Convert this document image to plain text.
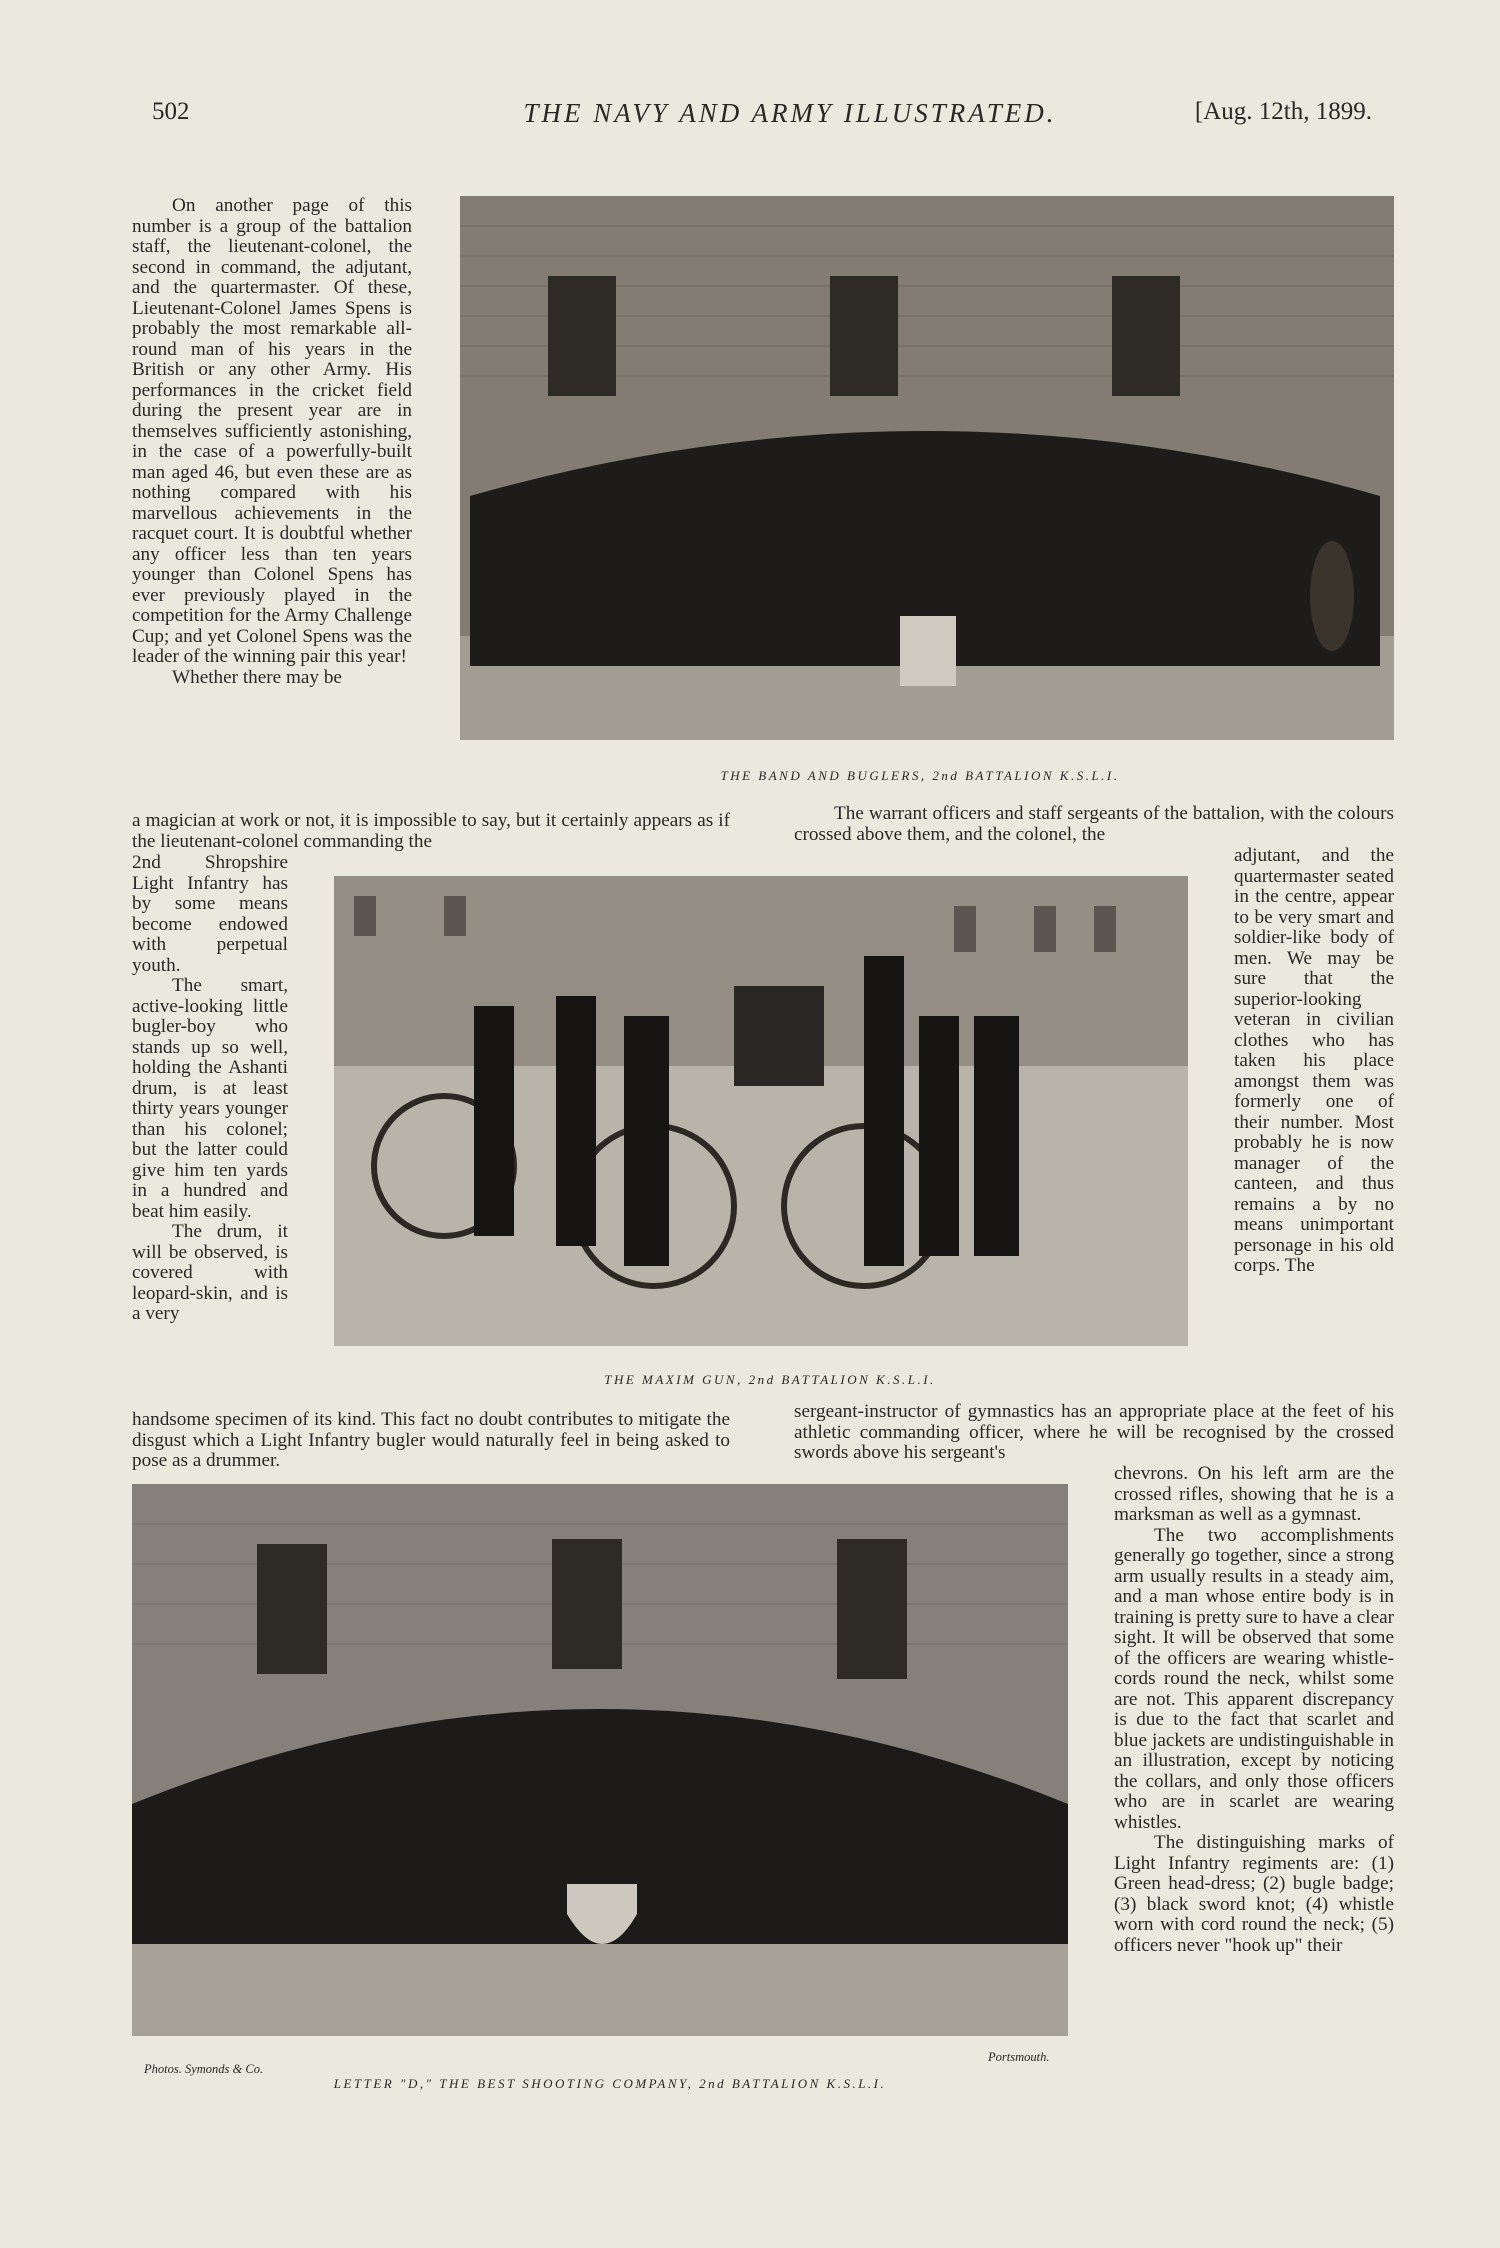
502	THE NAVY AND ARMY ILLUSTRATED.	[Aug. 12th, 1899.
THE BAND AND BUGLERS, 2nd BATTALION K.S.L.I.
THE MAXIM GUN, 2nd BATTALION K.S.L.I.
Photos. Symonds & Co.
Portsmouth.
LETTER "D," THE BEST SHOOTING COMPANY, 2nd BATTALION K.S.L.I.

On another page of this number is a group of the battalion staff, the lieutenant-colonel, the second in command, the adjutant, and the quartermaster. Of these, Lieutenant-Colonel James Spens is probably the most remarkable all-round man of his years in the British or any other Army. His performances in the cricket field during the present year are in themselves sufficiently astonishing, in the case of a powerfully-built man aged 46, but even these are as nothing compared with his marvellous achievements in the racquet court. It is doubtful whether any officer less than ten years younger than Colonel Spens has ever previously played in the competition for the Army Challenge Cup; and yet Colonel Spens was the leader of the winning pair this year!

Whether there may be

a magician at work or not, it is impossible to say, but it certainly appears as if the lieutenant-colonel commanding the

2nd Shropshire Light Infantry has by some means become endowed with perpetual youth.

The smart, active-looking little bugler-boy who stands up so well, holding the Ashanti drum, is at least thirty years younger than his colonel; but the latter could give him ten yards in a hundred and beat him easily.

The drum, it will be observed, is covered with leopard-skin, and is a very

handsome specimen of its kind. This fact no doubt contributes to mitigate the disgust which a Light Infantry bugler would naturally feel in being asked to pose as a drummer.

The warrant officers and staff sergeants of the battalion, with the colours crossed above them, and the colonel, the

adjutant, and the quartermaster seated in the centre, appear to be very smart and soldier-like body of men. We may be sure that the superior-looking veteran in civilian clothes who has taken his place amongst them was formerly one of their number. Most probably he is now manager of the canteen, and thus remains a by no means unimportant personage in his old corps. The

sergeant-instructor of gymnastics has an appropriate place at the feet of his athletic commanding officer, where he will be recognised by the crossed swords above his sergeant's

chevrons. On his left arm are the crossed rifles, showing that he is a marksman as well as a gymnast.

The two accomplishments generally go together, since a strong arm usually results in a steady aim, and a man whose entire body is in training is pretty sure to have a clear sight. It will be observed that some of the officers are wearing whistle-cords round the neck, whilst some are not. This apparent discrepancy is due to the fact that scarlet and blue jackets are undistinguishable in an illustration, except by noticing the collars, and only those officers who are in scarlet are wearing whistles.

The distinguishing marks of Light Infantry regiments are: (1) Green head-dress; (2) bugle badge; (3) black sword knot; (4) whistle worn with cord round the neck; (5) officers never "hook up" their
